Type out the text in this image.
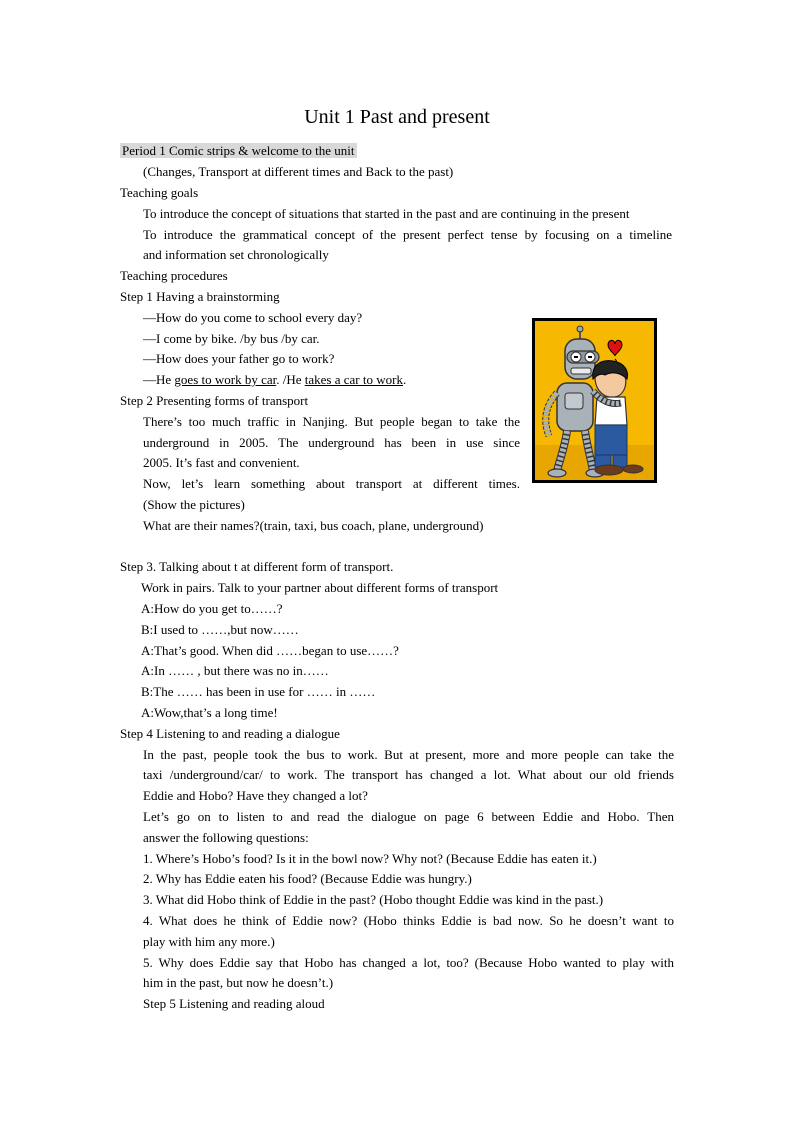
Unit 1 Past and present
Period 1 Comic strips & welcome to the unit
(Changes, Transport at different times and Back to the past)
Teaching goals
To introduce the concept of situations that started in the past and are continuing in the present
To introduce the grammatical concept of the present perfect tense by focusing on a timeline
and information set chronologically
Teaching procedures
Step 1 Having a brainstorming
—How do you come to school every day?
—I come by bike. /by bus /by car.
—How does your father go to work?
—He goes to work by car. /He takes a car to work.
Step 2 Presenting forms of transport
There’s too much traffic in Nanjing. But people began to take the
underground in 2005. The underground has been in use since
2005. It’s fast and convenient.
Now, let’s learn something about transport at different times.
(Show the pictures)
What are their names?(train, taxi, bus coach, plane, underground)
Step 3. Talking about t at different form of transport.
Work in pairs. Talk to your partner about different forms of transport
A:How do you get to……?
B:I used to ……,but now……
A:That’s good. When did ……began to use……?
A:In …… , but there was no in……
B:The …… has been in use for …… in ……
A:Wow,that’s a long time!
Step 4 Listening to and reading a dialogue
In the past, people took the bus to work. But at present, more and more people can take the
taxi /underground/car/ to work. The transport has changed a lot. What about our old friends
Eddie and Hobo? Have they changed a lot?
Let’s go on to listen to and read the dialogue on page 6 between Eddie and Hobo. Then
answer the following questions:
1. Where’s Hobo’s food? Is it in the bowl now? Why not? (Because Eddie has eaten it.)
2. Why has Eddie eaten his food? (Because Eddie was hungry.)
3. What did Hobo think of Eddie in the past? (Hobo thought Eddie was kind in the past.)
4. What does he think of Eddie now? (Hobo thinks Eddie is bad now. So he doesn’t want to
play with him any more.)
5. Why does Eddie say that Hobo has changed a lot, too? (Because Hobo wanted to play with
him in the past, but now he doesn’t.)
Step 5 Listening and reading aloud
